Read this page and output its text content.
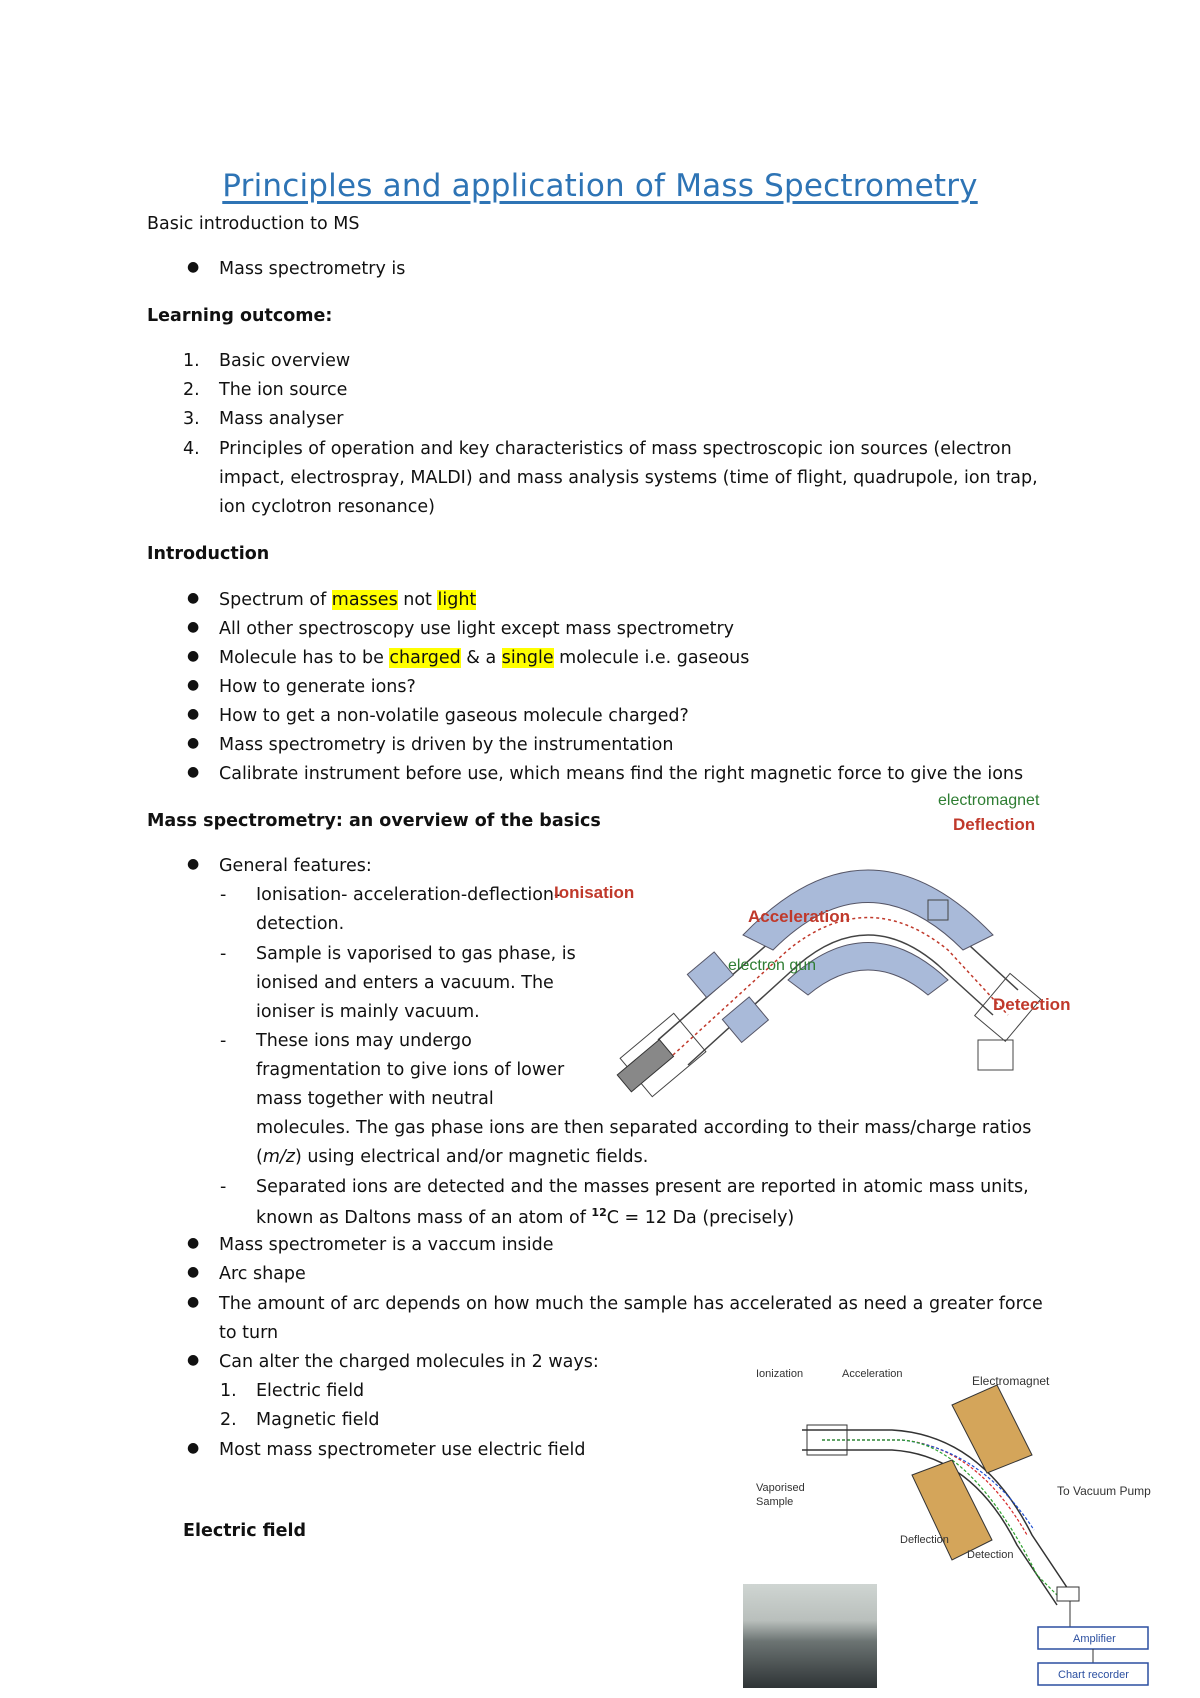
Principles and application of Mass Spectrometry
Basic introduction to MS
● Mass spectrometry is
Learning outcome:
1. Basic overview
2. The ion source
3. Mass analyser
4. Principles of operation and key characteristics of mass spectroscopic ion sources (electron
impact, electrospray, MALDI) and mass analysis systems (time of flight, quadrupole, ion trap,
ion cyclotron resonance)
Introduction
● Spectrum of masses not light
● All other spectroscopy use light except mass spectrometry
● Molecule has to be charged & a single molecule i.e. gaseous
● How to generate ions?
● How to get a non-volatile gaseous molecule charged?
● Mass spectrometry is driven by the instrumentation
● Calibrate instrument before use, which means find the right magnetic force to give the ions
Mass spectrometry: an overview of the basics
● General features:
- Ionisation- acceleration-deflection-
detection.
- Sample is vaporised to gas phase, is
ionised and enters a vacuum. The
ioniser is mainly vacuum.
- These ions may undergo
fragmentation to give ions of lower
mass together with neutral
molecules. The gas phase ions are then separated according to their mass/charge ratios
(m/z) using electrical and/or magnetic fields.
- Separated ions are detected and the masses present are reported in atomic mass units,
known as Daltons mass of an atom of $^{12}$C = 12 Da (precisely)
● Mass spectrometer is a vaccum inside
● Arc shape
● The amount of arc depends on how much the sample has accelerated as need a greater force
to turn
● Can alter the charged molecules in 2 ways:
1. Electric field
2. Magnetic field
● Most mass spectrometer use electric field
Electric field
Ionisation
Acceleration
electromagnet
Deflection
electron gun
Detection
Ionization	Acceleration	Electromagnet
Vaporised
Sample
To Vacuum Pump
Deflection
Detection
Amplifier
Chart recorder
